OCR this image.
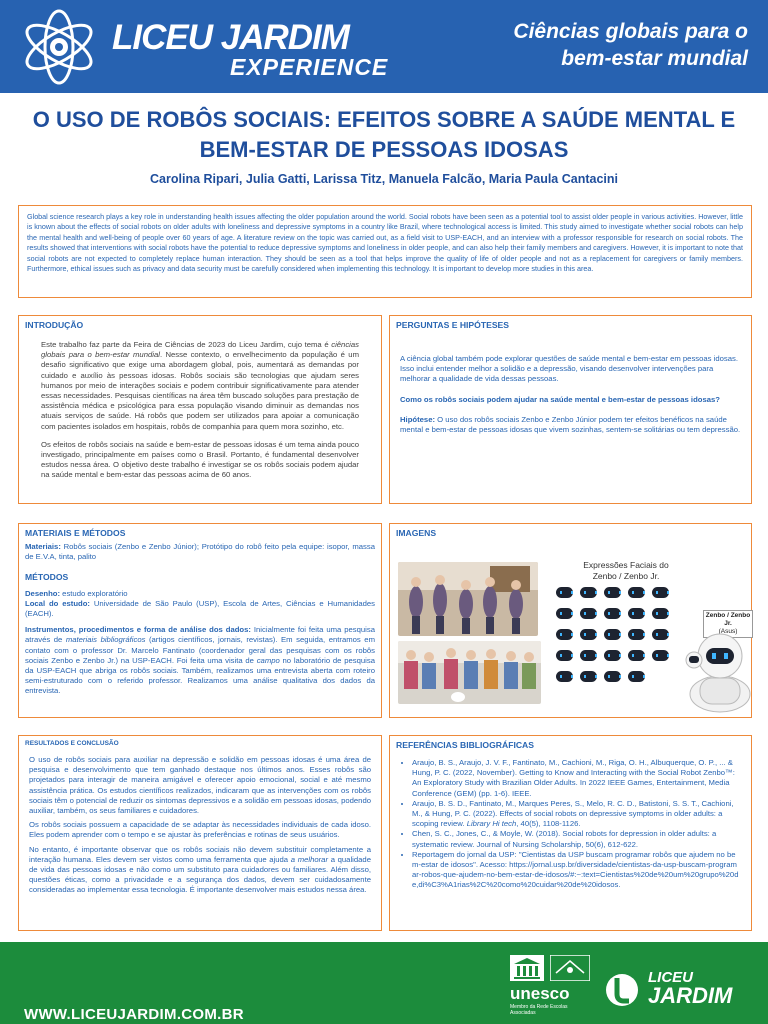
LICEU JARDIM
EXPERIENCE
Ciências globais para o bem-estar mundial
O USO DE ROBÔS SOCIAIS: EFEITOS SOBRE A SAÚDE MENTAL E BEM-ESTAR DE PESSOAS IDOSAS
Carolina Ripari, Julia Gatti, Larissa Titz, Manuela Falcão, Maria Paula Cantacini
Global science research plays a key role in understanding health issues affecting the older population around the world. Social robots have been seen as a potential tool to assist older people in various activities. However, little is known about the effects of social robots on older adults with loneliness and depressive symptoms in a country like Brazil, where technological access is limited. This study aimed to investigate whether social robots can help the mental health and well-being of people over 60 years of age. A literature review on the topic was carried out, as a field visit to USP-EACH, and an interview with a professor responsible for research on social robots. The results showed that interventions with social robots have the potential to reduce depressive symptoms and loneliness in older people, and can also help their family members and caregivers. However, it is important to note that social robots are not expected to completely replace human interaction. They should be seen as a tool that helps improve the quality of life of older people and not as a replacement for caregivers or family members. Furthermore, ethical issues such as privacy and data security must be carefully considered when implementing this technology. It is important to develop more studies in this area.
INTRODUÇÃO

Este trabalho faz parte da Feira de Ciências de 2023 do Liceu Jardim, cujo tema é ciências globais para o bem-estar mundial. Nesse contexto, o envelhecimento da população é um desafio significativo que exige uma abordagem global, pois, aumentará as demandas por cuidado e auxílio às pessoas idosas. Robôs sociais são tecnologias que ajudam seres humanos por meio de interações sociais e podem contribuir significativamente para atender essas necessidades. Pesquisas científicas na área têm buscado soluções para prestação de assistência médica e psicológica para essa população visando diminuir as demandas nos atuais serviços de saúde. Há robôs que podem ser utilizados para apoiar a comunicação com pacientes isolados em hospitais, robôs de companhia para quem mora sozinho, etc.

Os efeitos de robôs sociais na saúde e bem-estar de pessoas idosas é um tema ainda pouco investigado, principalmente em países como o Brasil. Portanto, é fundamental desenvolver estudos nessa área. O objetivo deste trabalho é investigar se os robôs sociais podem ajudar na saúde mental e bem-estar das pessoas acima de 60 anos.

PERGUNTAS E HIPÓTESES

A ciência global também pode explorar questões de saúde mental e bem-estar em pessoas idosas. Isso inclui entender melhor a solidão e a depressão, visando desenvolver intervenções para melhorar a qualidade de vida dessas pessoas.

Como os robôs sociais podem ajudar na saúde mental e bem-estar de pessoas idosas?

Hipótese: O uso dos robôs sociais Zenbo e Zenbo Júnior podem ter efeitos benéficos na saúde mental e bem-estar de pessoas idosas que vivem sozinhas, sentem-se solitárias ou tem depressão.

MATERIAIS E MÉTODOS

Materiais: Robôs sociais (Zenbo e Zenbo Júnior); Protótipo do robô feito pela equipe: isopor, massa de E.V.A, tinta, palito

MÉTODOS

Desenho: estudo exploratório

Local do estudo: Universidade de São Paulo (USP), Escola de Artes, Ciências e Humanidades (EACH).

Instrumentos, procedimentos e forma de análise dos dados: Inicialmente foi feita uma pesquisa através de materiais bibliográficos (artigos científicos, jornais, revistas). Em seguida, entramos em contato com o professor Dr. Marcelo Fantinato (coordenador geral das pesquisas com os robôs sociais Zenbo e Zenbo Jr.) na USP-EACH. Foi feita uma visita de campo no laboratório de pesquisa da USP-EACH que abriga os robôs sociais. Também, realizamos uma entrevista aberta com roteiro semi-estruturado com o referido professor. Realizamos uma análise qualitativa dos dados da entrevista.

IMAGENS
Expressões Faciais do Zenbo / Zenbo Jr.
Zenbo / Zenbo Jr.
(Asus)
RESULTADOS E CONCLUSÃO

O uso de robôs sociais para auxiliar na depressão e solidão em pessoas idosas é uma área de pesquisa e desenvolvimento que tem ganhado destaque nos últimos anos. Esses robôs são projetados para interagir de maneira amigável e oferecer apoio emocional, social e até mesmo assistência prática. Os estudos científicos realizados, indicaram que as intervenções com os robôs sociais têm o potencial de reduzir os sintomas depressivos e a solidão em pessoas idosas, podendo auxiliar, também, os seus familiares e cuidadores.

Os robôs sociais possuem a capacidade de se adaptar às necessidades individuais de cada idoso. Eles podem aprender com o tempo e se ajustar às preferências e rotinas de seus usuários.

No entanto, é importante observar que os robôs sociais não devem substituir completamente a interação humana. Eles devem ser vistos como uma ferramenta que ajuda a melhorar a qualidade de vida das pessoas idosas e não como um substituto para cuidadores ou familiares. Além disso, questões éticas, como a privacidade e a segurança dos dados, devem ser cuidadosamente consideradas ao implementar essa tecnologia. É importante desenvolver mais estudos nessa área.

REFERÊNCIAS BIBLIOGRÁFICAS
• Araujo, B. S., Araujo, J. V. F., Fantinato, M., Cachioni, M., Riga, O. H., Albuquerque, O. P., ... & Hung, P. C. (2022, November). Getting to Know and Interacting with the Social Robot Zenbo™: An Exploratory Study with Brazilian Older Adults. In 2022 IEEE Games, Entertainment, Media Conference (GEM) (pp. 1-6). IEEE.
• Araujo, B. S. D., Fantinato, M., Marques Peres, S., Melo, R. C. D., Batistoni, S. S. T., Cachioni, M., & Hung, P. C. (2022). Effects of social robots on depressive symptoms in older adults: a scoping review. Library Hi tech, 40(5), 1108-1126.
• Chen, S. C., Jones, C., & Moyle, W. (2018). Social robots for depression in older adults: a systematic review. Journal of Nursing Scholarship, 50(6), 612-622.
• Reportagem do jornal da USP: "Cientistas da USP buscam programar robôs que ajudem no bem-estar de idosos". Acesso: https://jornal.usp.br/diversidade/cientistas-da-usp-buscam-programar-robos-que-ajudem-no-bem-estar-de-idosos/#:~:text=Cientistas%20de%20um%20grupo%20de,di%C3%A1rias%2C%20como%20cuidar%20de%20idosos.
WWW.LICEUJARDIM.COM.BR
unesco
Membro da Rede Escolas Associadas
LICEU
JARDIM
